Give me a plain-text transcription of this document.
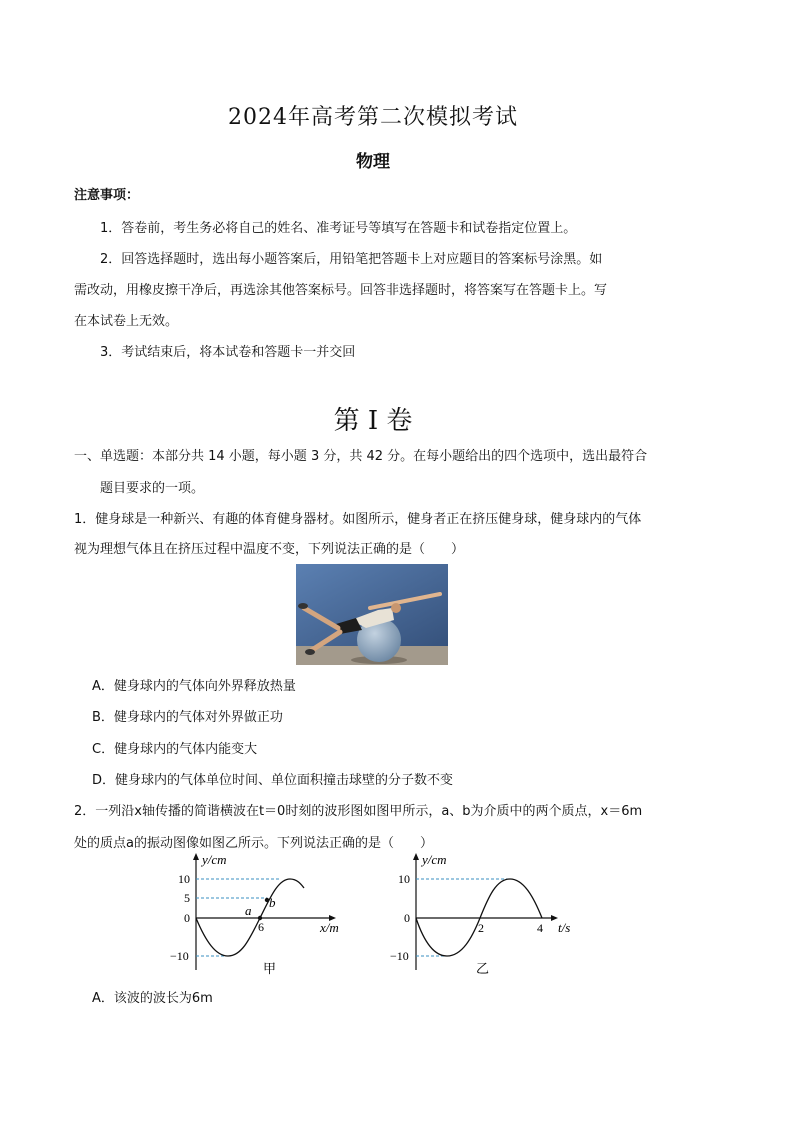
2024年高考第二次模拟考试
物理
注意事项：
1．答卷前，考生务必将自己的姓名、准考证号等填写在答题卡和试卷指定位置上。
2．回答选择题时，选出每小题答案后，用铅笔把答题卡上对应题目的答案标号涂黑。如
需改动，用橡皮擦干净后，再选涂其他答案标号。回答非选择题时，将答案写在答题卡上。写
在本试卷上无效。
3．考试结束后，将本试卷和答题卡一并交回
第 I 卷
一、单选题：本部分共 14 小题，每小题 3 分，共 42 分。在每小题给出的四个选项中，选出最符合
题目要求的一项。
1．健身球是一种新兴、有趣的体育健身器材。如图所示，健身者正在挤压健身球，健身球内的气体
视为理想气体且在挤压过程中温度不变，下列说法正确的是（　　）
A．健身球内的气体向外界释放热量
B．健身球内的气体对外界做正功
C．健身球内的气体内能变大
D．健身球内的气体单位时间、单位面积撞击球壁的分子数不变
2．一列沿x轴传播的简谐横波在t＝0时刻的波形图如图甲所示，a、b为介质中的两个质点，x＝6m
处的质点a的振动图像如图乙所示。下列说法正确的是（　　）
y/cm
10
5
0
−10
a
b
6	x/m
甲
y/cm
10
0
−10
2	4 t/s
乙
A．该波的波长为6m
